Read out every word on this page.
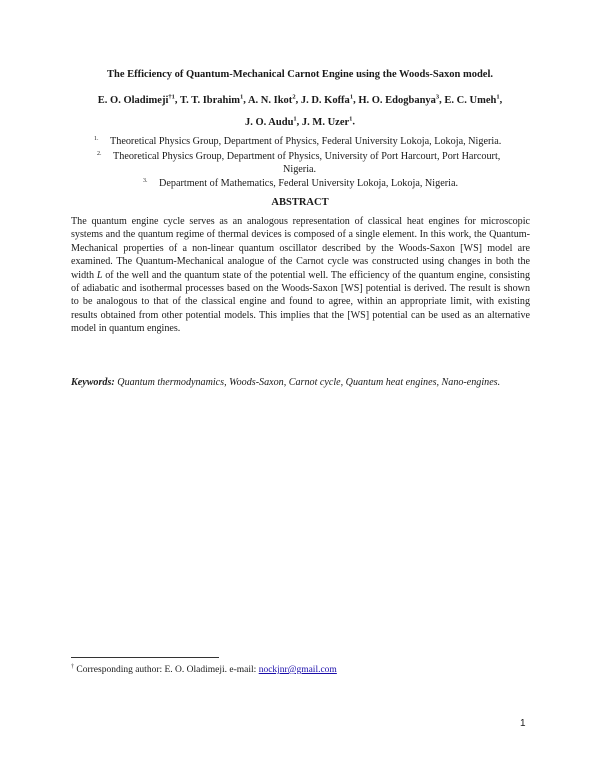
The Efficiency of Quantum-Mechanical Carnot Engine using the Woods-Saxon model.
E. O. Oladimeji$^{\dagger 1}$, T. T. Ibrahim$^1$, A. N. Ikot$^2$, J. D. Koffa$^1$, H. O. Edogbanya$^3$, E. C. Umeh$^1$,
J. O. Audu$^1$, J. M. Uzer$^1$.
1. Theoretical Physics Group, Department of Physics, Federal University Lokoja, Lokoja, Nigeria.
2. Theoretical Physics Group, Department of Physics, University of Port Harcourt, Port Harcourt,
Nigeria.
3. Department of Mathematics, Federal University Lokoja, Lokoja, Nigeria.
ABSTRACT
The quantum engine cycle serves as an analogous representation of classical heat engines for microscopic systems and the quantum regime of thermal devices is composed of a single element. In this work, the Quantum-Mechanical properties of a non-linear quantum oscillator described by the Woods-Saxon [WS] model are examined. The Quantum-Mechanical analogue of the Carnot cycle was constructed using changes in both the width L of the well and the quantum state of the potential well. The efficiency of the quantum engine, consisting of adiabatic and isothermal processes based on the Woods-Saxon [WS] potential is derived. The result is shown to be analogous to that of the classical engine and found to agree, within an appropriate limit, with existing results obtained from other potential models. This implies that the [WS] potential can be used as an alternative model in quantum engines.
Keywords: Quantum thermodynamics, Woods-Saxon, Carnot cycle, Quantum heat engines, Nano-engines.
† Corresponding author: E. O. Oladimeji. e-mail: nockjnr@gmail.com
1
